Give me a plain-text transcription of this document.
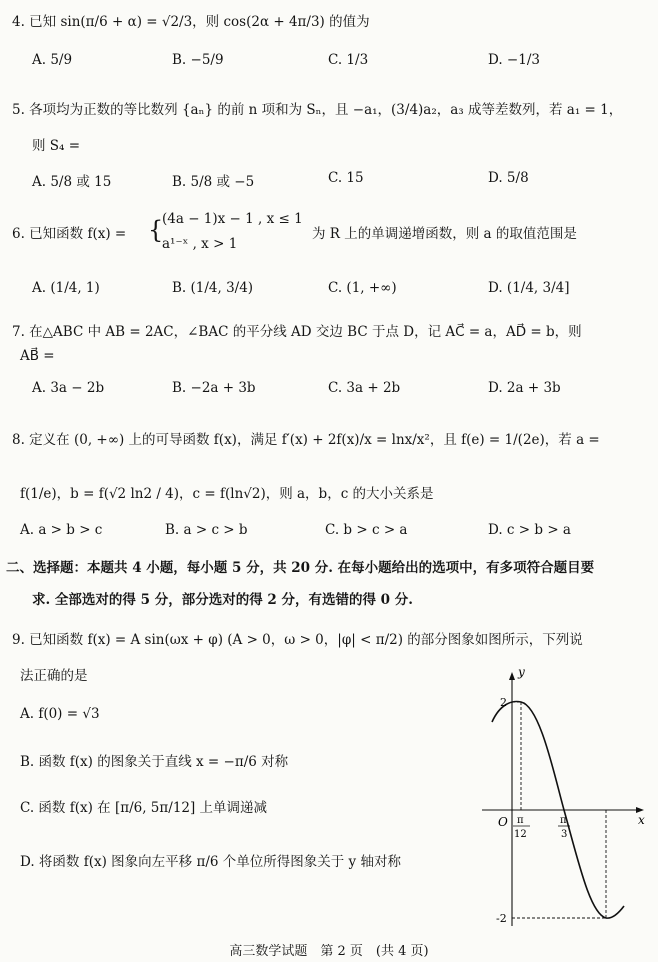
4. 已知 sin(π/6 + α) = √2/3，则 cos(2α + 4π/3) 的值为
A. 5/9	B. −5/9	C. 1/3	D. −1/3
5. 各项均为正数的等比数列 {aₙ} 的前 n 项和为 Sₙ，且 −a₁，(3/4)a₂，a₃ 成等差数列，若 a₁ = 1，
则 S₄ =
A. 5/8 或 15	B. 5/8 或 −5	C. 15	D. 5/8
6. 已知函数 f(x) = {
(4a − 1)x − 1 , x ≤ 1
a¹⁻ˣ , x > 1
为 R 上的单调递增函数，则 a 的取值范围是
A. (1/4, 1)	B. (1/4, 3/4)	C. (1, +∞)	D. (1/4, 3/4]
7. 在△ABC 中 AB = 2AC，∠BAC 的平分线 AD 交边 BC 于点 D，记 AC⃗ = a，AD⃗ = b，则
AB⃗ =
A. 3a − 2b	B. −2a + 3b	C. 3a + 2b	D. 2a + 3b
8. 定义在 (0, +∞) 上的可导函数 f(x)，满足 f′(x) + 2f(x)/x = lnx/x²，且 f(e) = 1/(2e)，若 a =
f(1/e)，b = f(√2 ln2 / 4)，c = f(ln√2)，则 a，b，c 的大小关系是
A. a > b > c	B. a > c > b	C. b > c > a	D. c > b > a
二、选择题：本题共 4 小题，每小题 5 分，共 20 分. 在每小题给出的选项中，有多项符合题目要
求. 全部选对的得 5 分，部分选对的得 2 分，有选错的得 0 分.
9. 已知函数 f(x) = A sin(ωx + φ) (A > 0，ω > 0，|φ| < π/2) 的部分图象如图所示，下列说
法正确的是
A. f(0) = √3
B. 函数 f(x) 的图象关于直线 x = −π/6 对称
C. 函数 f(x) 在 [π/6, 5π/12] 上单调递减
D. 将函数 f(x) 图象向左平移 π/6 个单位所得图象关于 y 轴对称
y
x
O
2
-2
π
12
π
3
高三数学试题　第 2 页　(共 4 页)
